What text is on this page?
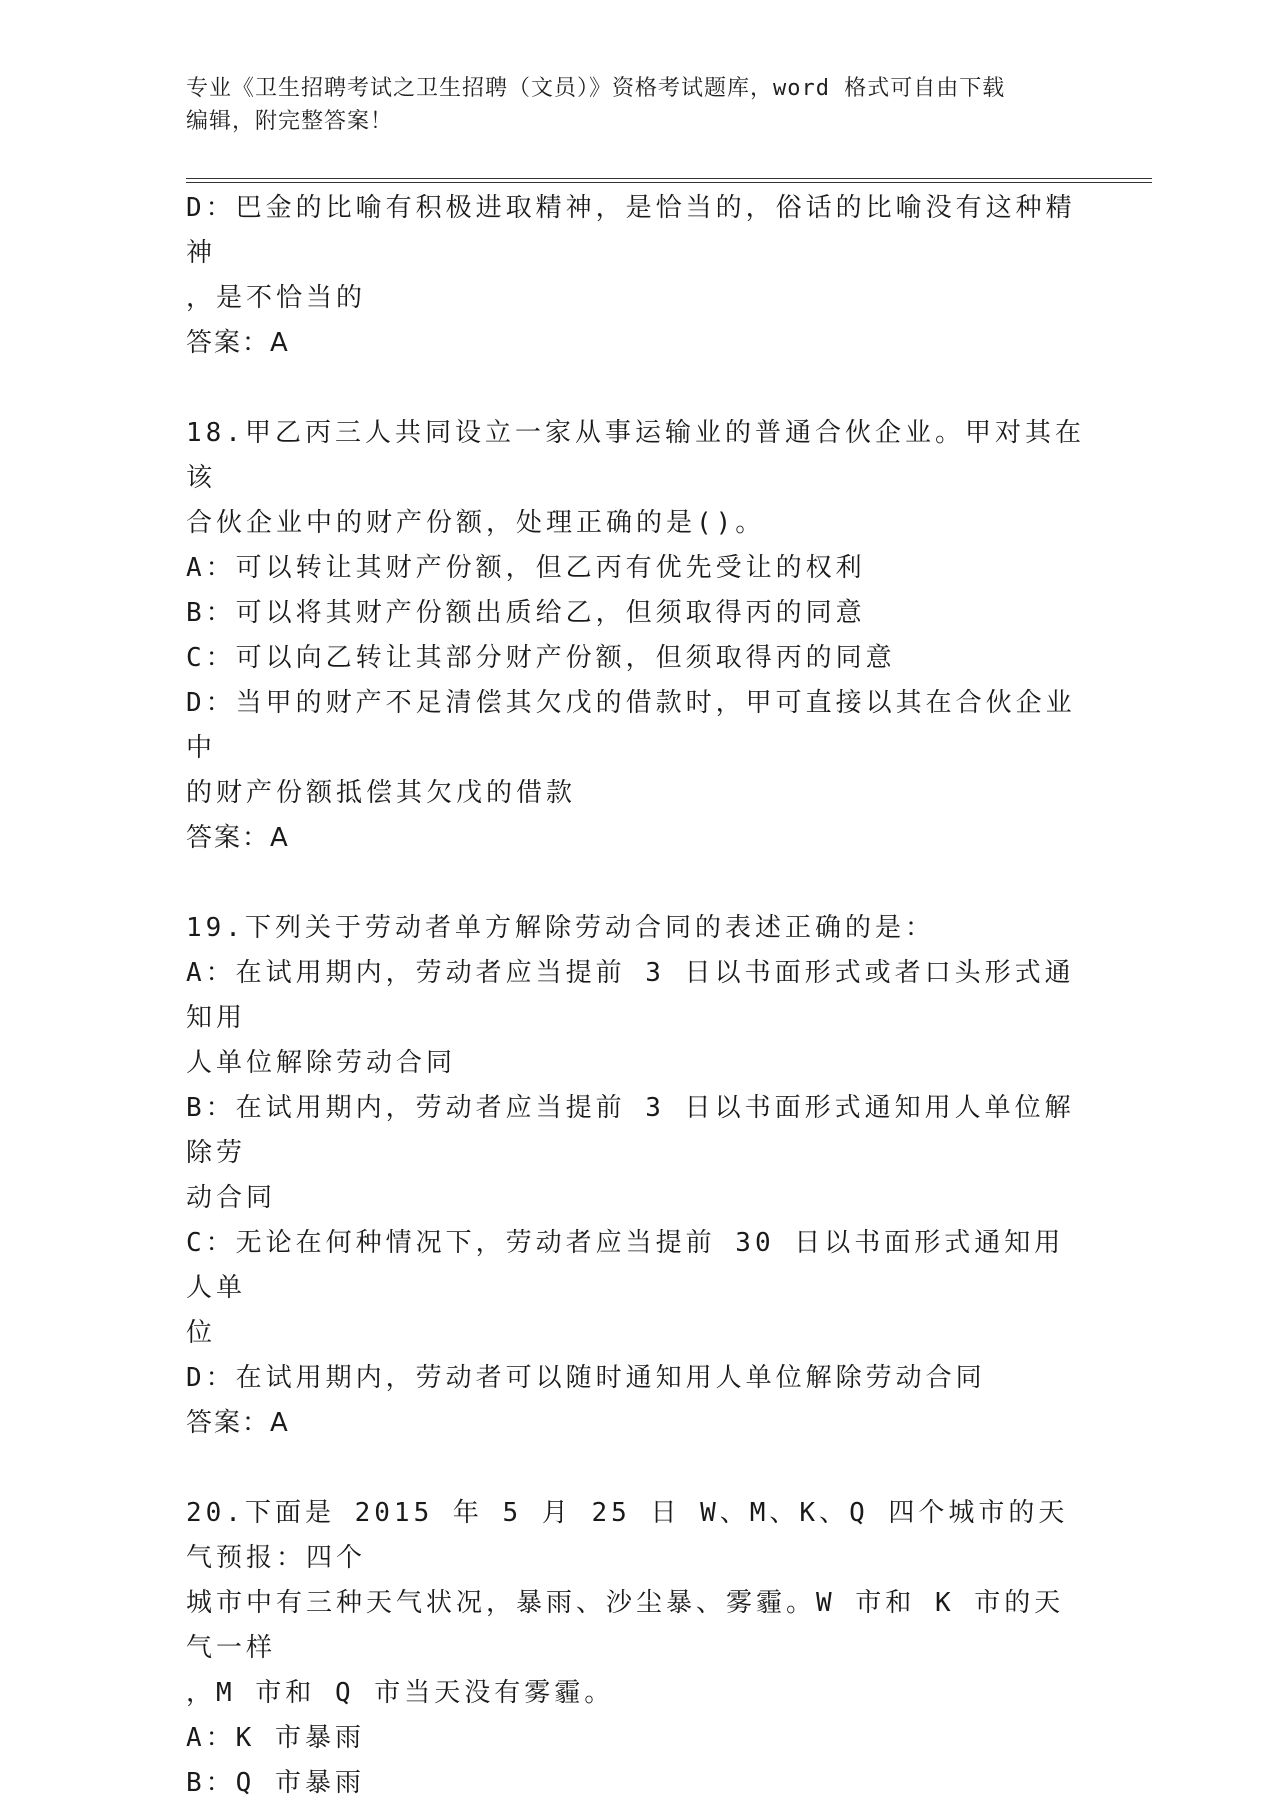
专业《卫生招聘考试之卫生招聘（文员）》资格考试题库，word 格式可自由下载
编辑，附完整答案！

D：巴金的比喻有积极进取精神，是恰当的，俗话的比喻没有这种精神

，是不恰当的

答案：A

18.甲乙丙三人共同设立一家从事运输业的普通合伙企业。甲对其在该

合伙企业中的财产份额，处理正确的是()。

A：可以转让其财产份额，但乙丙有优先受让的权利

B：可以将其财产份额出质给乙，但须取得丙的同意

C：可以向乙转让其部分财产份额，但须取得丙的同意

D：当甲的财产不足清偿其欠戊的借款时，甲可直接以其在合伙企业中

的财产份额抵偿其欠戊的借款

答案：A

19.下列关于劳动者单方解除劳动合同的表述正确的是：

A：在试用期内，劳动者应当提前 3 日以书面形式或者口头形式通知用

人单位解除劳动合同

B：在试用期内，劳动者应当提前 3 日以书面形式通知用人单位解除劳

动合同

C：无论在何种情况下，劳动者应当提前 30 日以书面形式通知用人单

位

D：在试用期内，劳动者可以随时通知用人单位解除劳动合同

答案：A

20.下面是 2015 年 5 月 25 日 W、M、K、Q 四个城市的天气预报：四个

城市中有三种天气状况，暴雨、沙尘暴、雾霾。W 市和 K 市的天气一样

，M 市和 Q 市当天没有雾霾。

A：K 市暴雨

B：Q 市暴雨
